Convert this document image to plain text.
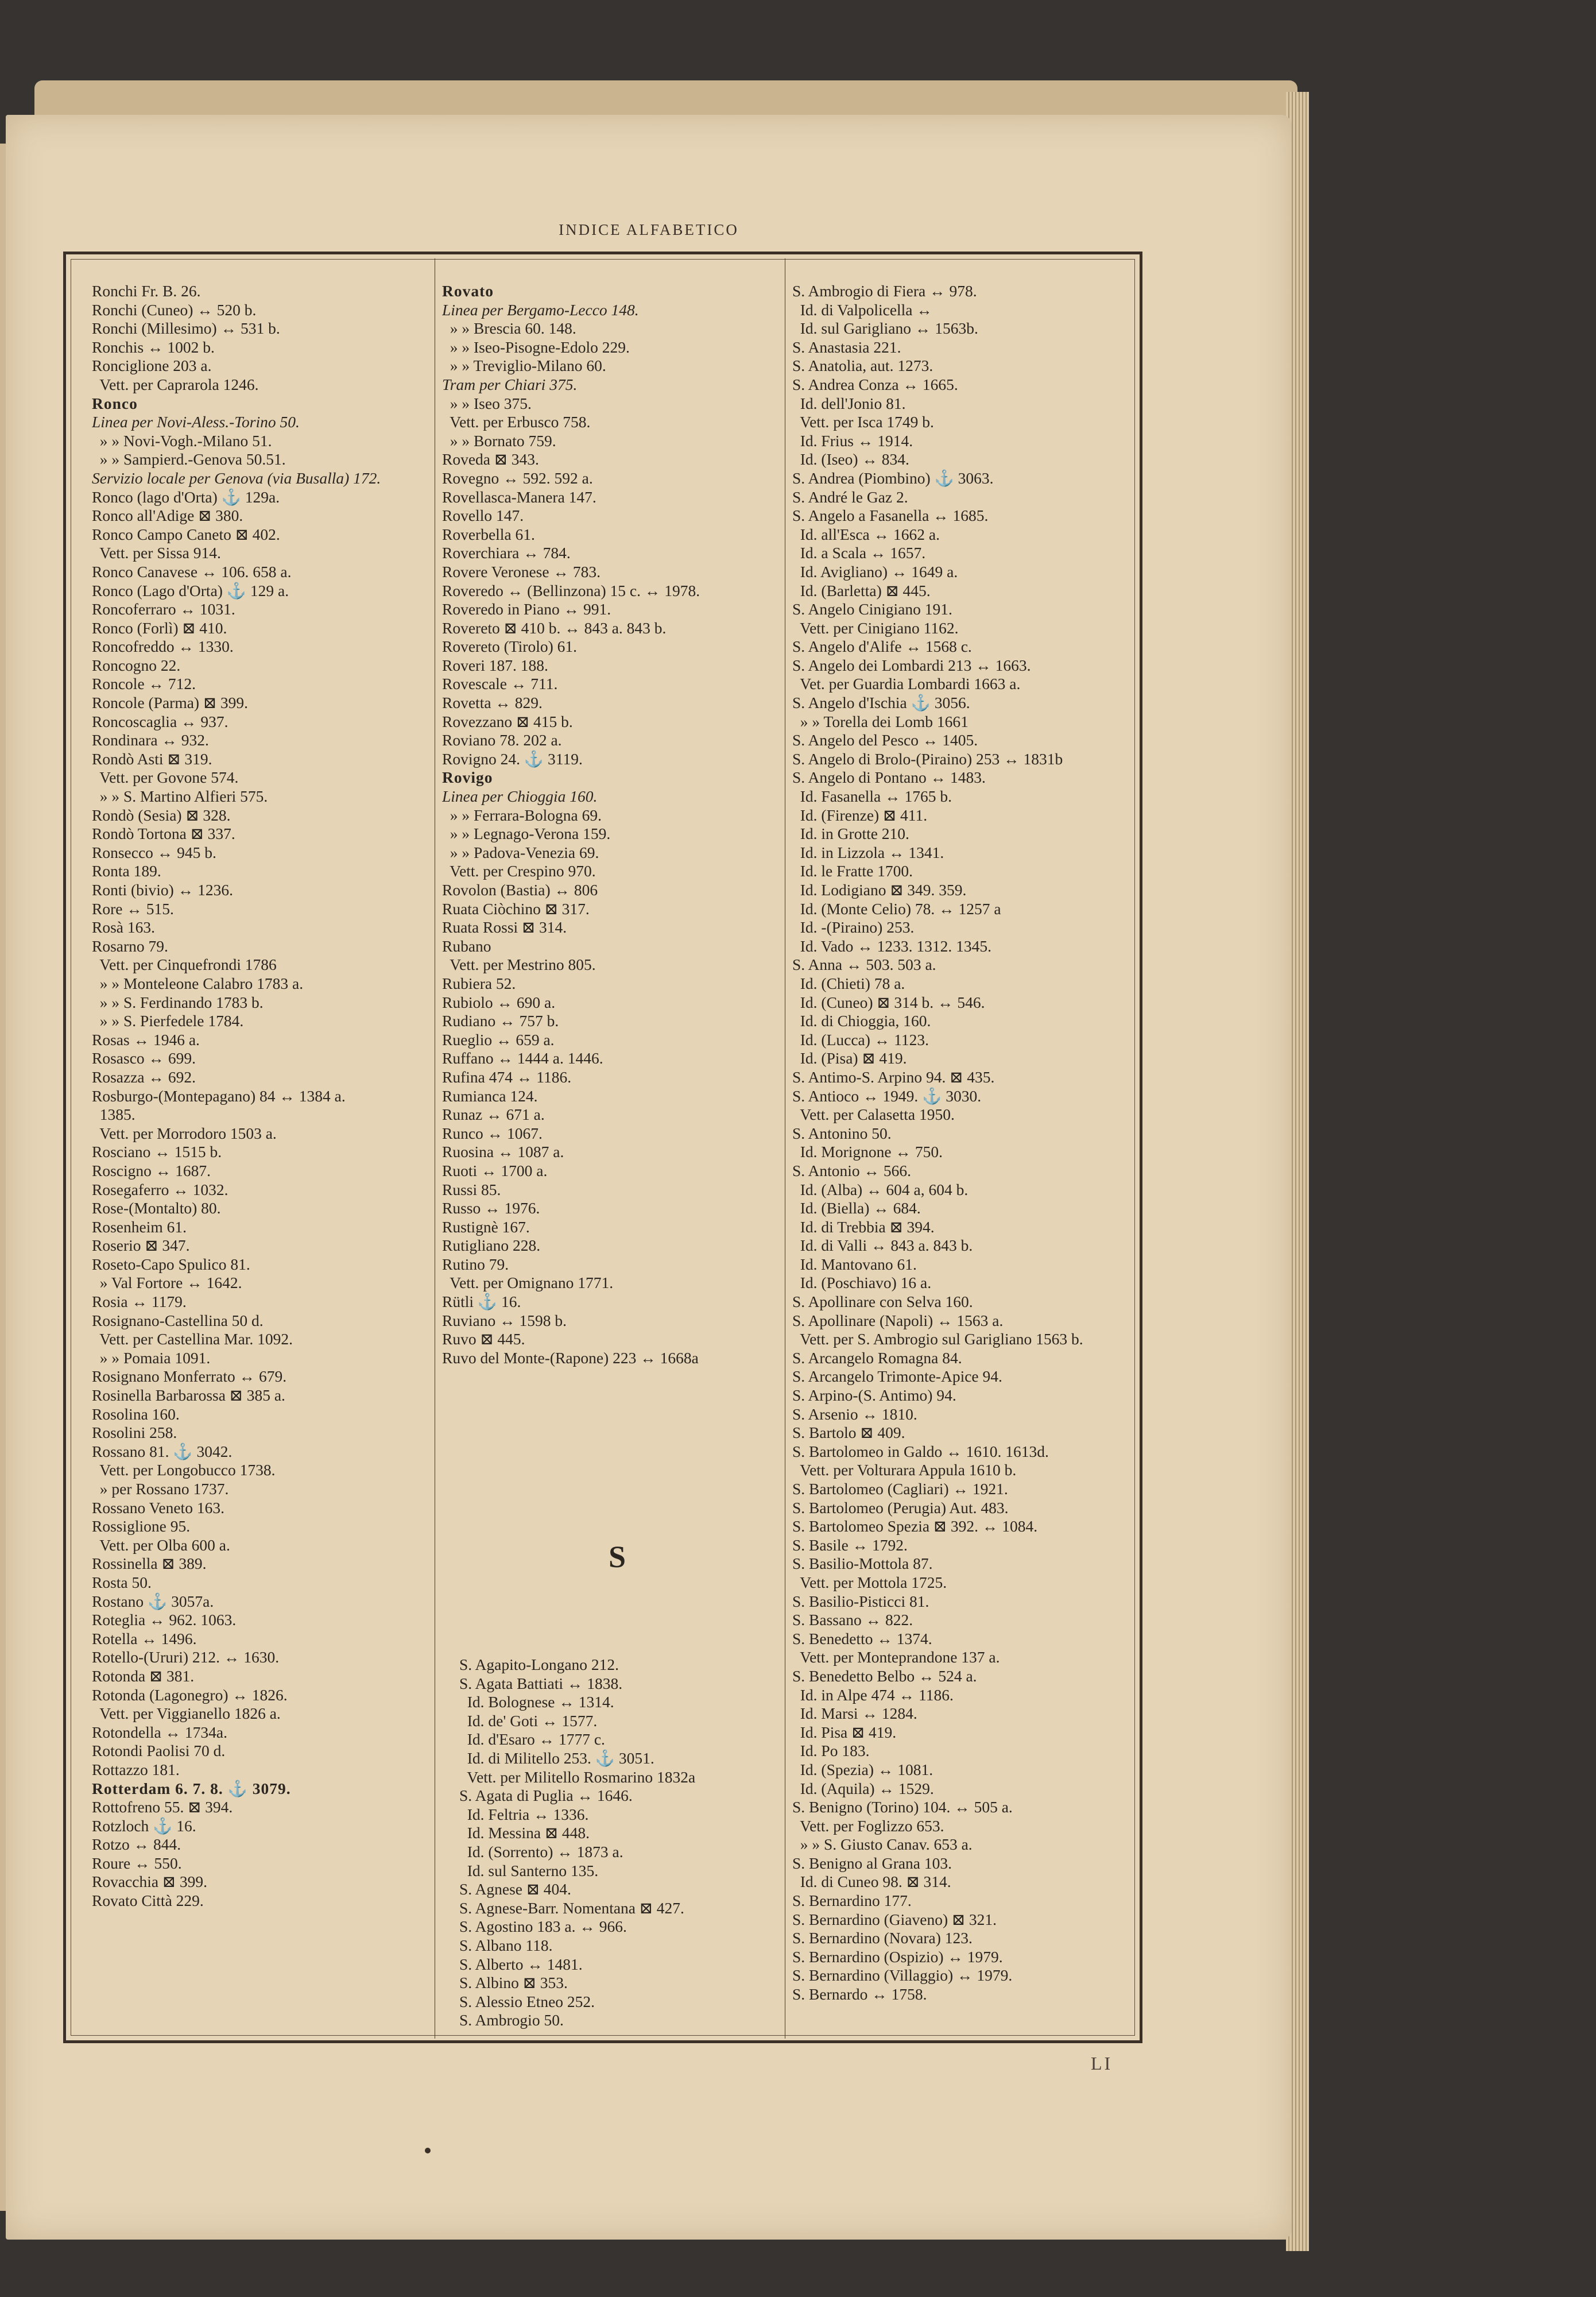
INDICE ALFABETICO
Ronchi Fr. B. 26.
Ronchi (Cuneo) ↔ 520 b.
Ronchi (Millesimo) ↔ 531 b.
Ronchis ↔ 1002 b.
Ronciglione 203 a.
Vett. per Caprarola 1246.
Ronco
Linea per Novi-Aless.-Torino 50.
» » Novi-Vogh.-Milano 51.
» » Sampierd.-Genova 50.51.
Servizio locale per Genova (via Busalla) 172.
Ronco (lago d'Orta) ⚓ 129a.
Ronco all'Adige ⊠ 380.
Ronco Campo Caneto ⊠ 402.
Vett. per Sissa 914.
Ronco Canavese ↔ 106. 658 a.
Ronco (Lago d'Orta) ⚓ 129 a.
Roncoferraro ↔ 1031.
Ronco (Forlì) ⊠ 410.
Roncofreddo ↔ 1330.
Roncogno 22.
Roncole ↔ 712.
Roncole (Parma) ⊠ 399.
Roncoscaglia ↔ 937.
Rondinara ↔ 932.
Rondò Asti ⊠ 319.
Vett. per Govone 574.
» » S. Martino Alfieri 575.
Rondò (Sesia) ⊠ 328.
Rondò Tortona ⊠ 337.
Ronsecco ↔ 945 b.
Ronta 189.
Ronti (bivio) ↔ 1236.
Rore ↔ 515.
Rosà 163.
Rosarno 79.
Vett. per Cinquefrondi 1786
» » Monteleone Calabro 1783 a.
» » S. Ferdinando 1783 b.
» » S. Pierfedele 1784.
Rosas ↔ 1946 a.
Rosasco ↔ 699.
Rosazza ↔ 692.
Rosburgo-(Montepagano) 84 ↔ 1384 a.
1385.
Vett. per Morrodoro 1503 a.
Rosciano ↔ 1515 b.
Roscigno ↔ 1687.
Rosegaferro ↔ 1032.
Rose-(Montalto) 80.
Rosenheim 61.
Roserio ⊠ 347.
Roseto-Capo Spulico 81.
» Val Fortore ↔ 1642.
Rosia ↔ 1179.
Rosignano-Castellina 50 d.
Vett. per Castellina Mar. 1092.
» » Pomaia 1091.
Rosignano Monferrato ↔ 679.
Rosinella Barbarossa ⊠ 385 a.
Rosolina 160.
Rosolini 258.
Rossano 81. ⚓ 3042.
Vett. per Longobucco 1738.
» per Rossano 1737.
Rossano Veneto 163.
Rossiglione 95.
Vett. per Olba 600 a.
Rossinella ⊠ 389.
Rosta 50.
Rostano ⚓ 3057a.
Roteglia ↔ 962. 1063.
Rotella ↔ 1496.
Rotello-(Ururi) 212. ↔ 1630.
Rotonda ⊠ 381.
Rotonda (Lagonegro) ↔ 1826.
Vett. per Viggianello 1826 a.
Rotondella ↔ 1734a.
Rotondi Paolisi 70 d.
Rottazzo 181.
Rotterdam 6. 7. 8. ⚓ 3079.
Rottofreno 55. ⊠ 394.
Rotzloch ⚓ 16.
Rotzo ↔ 844.
Roure ↔ 550.
Rovacchia ⊠ 399.
Rovato Città 229.
Rovato
Linea per Bergamo-Lecco 148.
» » Brescia 60. 148.
» » Iseo-Pisogne-Edolo 229.
» » Treviglio-Milano 60.
Tram per Chiari 375.
» » Iseo 375.
Vett. per Erbusco 758.
» » Bornato 759.
Roveda ⊠ 343.
Rovegno ↔ 592. 592 a.
Rovellasca-Manera 147.
Rovello 147.
Roverbella 61.
Roverchiara ↔ 784.
Rovere Veronese ↔ 783.
Roveredo ↔ (Bellinzona) 15 c. ↔ 1978.
Roveredo in Piano ↔ 991.
Rovereto ⊠ 410 b. ↔ 843 a. 843 b.
Rovereto (Tirolo) 61.
Roveri 187. 188.
Rovescale ↔ 711.
Rovetta ↔ 829.
Rovezzano ⊠ 415 b.
Roviano 78. 202 a.
Rovigno 24. ⚓ 3119.
Rovigo
Linea per Chioggia 160.
» » Ferrara-Bologna 69.
» » Legnago-Verona 159.
» » Padova-Venezia 69.
Vett. per Crespino 970.
Rovolon (Bastia) ↔ 806
Ruata Ciòchino ⊠ 317.
Ruata Rossi ⊠ 314.
Rubano
Vett. per Mestrino 805.
Rubiera 52.
Rubiolo ↔ 690 a.
Rudiano ↔ 757 b.
Rueglio ↔ 659 a.
Ruffano ↔ 1444 a. 1446.
Rufina 474 ↔ 1186.
Rumianca 124.
Runaz ↔ 671 a.
Runco ↔ 1067.
Ruosina ↔ 1087 a.
Ruoti ↔ 1700 a.
Russi 85.
Russo ↔ 1976.
Rustignè 167.
Rutigliano 228.
Rutino 79.
Vett. per Omignano 1771.
Rütli ⚓ 16.
Ruviano ↔ 1598 b.
Ruvo ⊠ 445.
Ruvo del Monte-(Rapone) 223 ↔ 1668a
S
S. Agapito-Longano 212.
S. Agata Battiati ↔ 1838.
Id. Bolognese ↔ 1314.
Id. de' Goti ↔ 1577.
Id. d'Esaro ↔ 1777 c.
Id. di Militello 253. ⚓ 3051.
Vett. per Militello Rosmarino 1832a
S. Agata di Puglia ↔ 1646.
Id. Feltria ↔ 1336.
Id. Messina ⊠ 448.
Id. (Sorrento) ↔ 1873 a.
Id. sul Santerno 135.
S. Agnese ⊠ 404.
S. Agnese-Barr. Nomentana ⊠ 427.
S. Agostino 183 a. ↔ 966.
S. Albano 118.
S. Alberto ↔ 1481.
S. Albino ⊠ 353.
S. Alessio Etneo 252.
S. Ambrogio 50.
S. Ambrogio di Fiera ↔ 978.
Id. di Valpolicella ↔
Id. sul Garigliano ↔ 1563b.
S. Anastasia 221.
S. Anatolia, aut. 1273.
S. Andrea Conza ↔ 1665.
Id. dell'Jonio 81.
Vett. per Isca 1749 b.
Id. Frius ↔ 1914.
Id. (Iseo) ↔ 834.
S. Andrea (Piombino) ⚓ 3063.
S. André le Gaz 2.
S. Angelo a Fasanella ↔ 1685.
Id. all'Esca ↔ 1662 a.
Id. a Scala ↔ 1657.
Id. Avigliano) ↔ 1649 a.
Id. (Barletta) ⊠ 445.
S. Angelo Cinigiano 191.
Vett. per Cinigiano 1162.
S. Angelo d'Alife ↔ 1568 c.
S. Angelo dei Lombardi 213 ↔ 1663.
Vet. per Guardia Lombardi 1663 a.
S. Angelo d'Ischia ⚓ 3056.
» » Torella dei Lomb 1661
S. Angelo del Pesco ↔ 1405.
S. Angelo di Brolo-(Piraino) 253 ↔ 1831b
S. Angelo di Pontano ↔ 1483.
Id. Fasanella ↔ 1765 b.
Id. (Firenze) ⊠ 411.
Id. in Grotte 210.
Id. in Lizzola ↔ 1341.
Id. le Fratte 1700.
Id. Lodigiano ⊠ 349. 359.
Id. (Monte Celio) 78. ↔ 1257 a
Id. -(Piraino) 253.
Id. Vado ↔ 1233. 1312. 1345.
S. Anna ↔ 503. 503 a.
Id. (Chieti) 78 a.
Id. (Cuneo) ⊠ 314 b. ↔ 546.
Id. di Chioggia, 160.
Id. (Lucca) ↔ 1123.
Id. (Pisa) ⊠ 419.
S. Antimo-S. Arpino 94. ⊠ 435.
S. Antioco ↔ 1949. ⚓ 3030.
Vett. per Calasetta 1950.
S. Antonino 50.
Id. Morignone ↔ 750.
S. Antonio ↔ 566.
Id. (Alba) ↔ 604 a, 604 b.
Id. (Biella) ↔ 684.
Id. di Trebbia ⊠ 394.
Id. di Valli ↔ 843 a. 843 b.
Id. Mantovano 61.
Id. (Poschiavo) 16 a.
S. Apollinare con Selva 160.
S. Apollinare (Napoli) ↔ 1563 a.
Vett. per S. Ambrogio sul Garigliano 1563 b.
S. Arcangelo Romagna 84.
S. Arcangelo Trimonte-Apice 94.
S. Arpino-(S. Antimo) 94.
S. Arsenio ↔ 1810.
S. Bartolo ⊠ 409.
S. Bartolomeo in Galdo ↔ 1610. 1613d.
Vett. per Volturara Appula 1610 b.
S. Bartolomeo (Cagliari) ↔ 1921.
S. Bartolomeo (Perugia) Aut. 483.
S. Bartolomeo Spezia ⊠ 392. ↔ 1084.
S. Basile ↔ 1792.
S. Basilio-Mottola 87.
Vett. per Mottola 1725.
S. Basilio-Pisticci 81.
S. Bassano ↔ 822.
S. Benedetto ↔ 1374.
Vett. per Monteprandone 137 a.
S. Benedetto Belbo ↔ 524 a.
Id. in Alpe 474 ↔ 1186.
Id. Marsi ↔ 1284.
Id. Pisa ⊠ 419.
Id. Po 183.
Id. (Spezia) ↔ 1081.
Id. (Aquila) ↔ 1529.
S. Benigno (Torino) 104. ↔ 505 a.
Vett. per Foglizzo 653.
» » S. Giusto Canav. 653 a.
S. Benigno al Grana 103.
Id. di Cuneo 98. ⊠ 314.
S. Bernardino 177.
S. Bernardino (Giaveno) ⊠ 321.
S. Bernardino (Novara) 123.
S. Bernardino (Ospizio) ↔ 1979.
S. Bernardino (Villaggio) ↔ 1979.
S. Bernardo ↔ 1758.
LI
